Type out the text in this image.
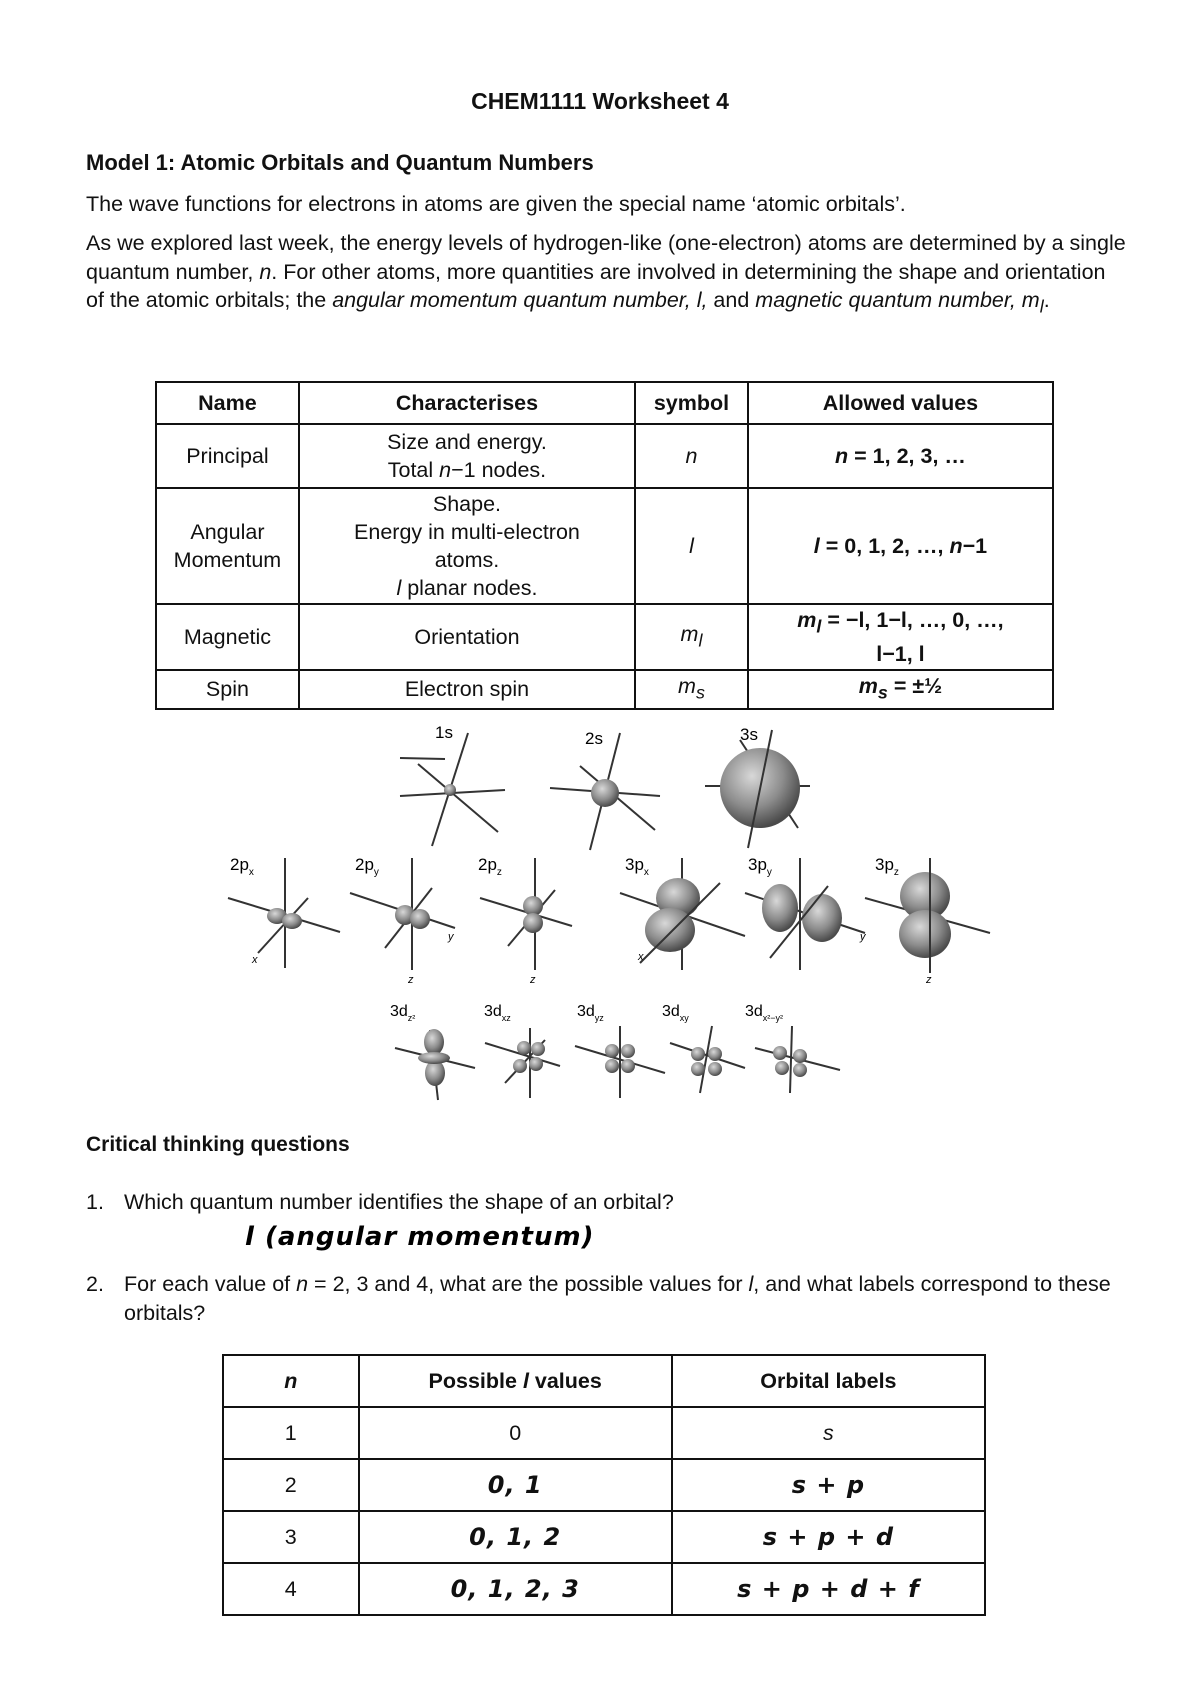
CHEM1111 Worksheet 4
Model 1: Atomic Orbitals and Quantum Numbers

The wave functions for electrons in atoms are given the special name ‘atomic orbitals’.

As we explored last week, the energy levels of hydrogen-like (one-electron) atoms are determined by a single quantum number, n. For other atoms, more quantities are involved in determining the shape and orientation of the atomic orbitals; the angular momentum quantum number, l, and magnetic quantum number, $m_l$.

Name	Characterises	symbol	Allowed values
Principal	Size and energy.
Total n−1 nodes.	n	n = 1, 2, 3, …
Angular
Momentum	Shape.
Energy in multi-electron
atoms.
l planar nodes.	l	l = 0, 1, 2, …, n−1
Magnetic	Orientation	$m_l$	$m_l = -l$, 1−l, …, 0, …,
l−1, l
Spin	Electron spin	$m_s$	$m_s$ = ±½
1s	2s	3s
$2p_x$
x
$2p_y$
y
z
$2p_z$
z
$3p_x$
x
$3p_y$
y
$3p_z$
z
$3d_{z^2}$	$3d_{xz}$	$3d_{yz}$	$3d_{xy}$	$3d_{x^2-y^2}$
Critical thinking questions
1. Which quantum number identifies the shape of an orbital?
l (angular momentum)
2. For each value of n = 2, 3 and 4, what are the possible values for l, and what labels correspond to these orbitals?
n	Possible l values	Orbital labels
1	0	s
2	0, 1	s + p
3	0, 1, 2	s + p + d
4	0, 1, 2, 3	s + p + d + f
